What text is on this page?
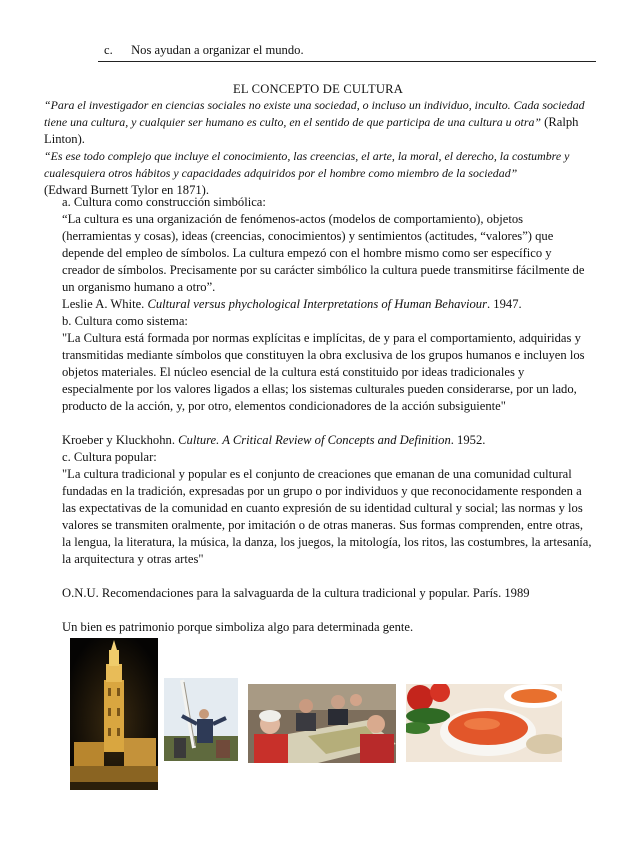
c. Nos ayudan a organizar el mundo.
EL CONCEPTO DE CULTURA

“Para el investigador en ciencias sociales no existe una sociedad, o incluso un individuo, inculto. Cada sociedad tiene una cultura, y cualquier ser humano es culto, en el sentido de que participa de una cultura u otra” (Ralph Linton).

“Es ese todo complejo que incluye el conocimiento, las creencias, el arte, la moral, el derecho, la costumbre y cualesquiera otros hábitos y capacidades adquiridos por el hombre como miembro de la sociedad”

(Edward Burnett Tylor en 1871).

a. Cultura como construcción simbólica:
“La cultura es una organización de fenómenos-actos (modelos de comportamiento), objetos (herramientas y cosas), ideas (creencias, conocimientos) y sentimientos (actitudes, “valores”) que depende del empleo de símbolos. La cultura empezó con el hombre mismo como ser específico y creador de símbolos. Precisamente por su carácter simbólico la cultura puede transmitirse fácilmente de un organismo humano a otro”.
Leslie A. White. Cultural versus phychological Interpretations of Human Behaviour. 1947.
b. Cultura como sistema:
"La Cultura está formada por normas explícitas e implícitas, de y para el comportamiento, adquiridas y transmitidas mediante símbolos que constituyen la obra exclusiva de los grupos humanos e incluyen los objetos materiales. El núcleo esencial de la cultura está constituido por ideas tradicionales y especialmente por los valores ligados a ellas; los sistemas culturales pueden considerarse, por un lado, producto de la acción, y, por otro, elementos condicionadores de la acción subsiguiente"
Kroeber y Kluckhohn. Culture. A Critical Review of Concepts and Definition. 1952.
c. Cultura popular:
"La cultura tradicional y popular es el conjunto de creaciones que emanan de una comunidad cultural fundadas en la tradición, expresadas por un grupo o por individuos y que reconocidamente responden a las expectativas de la comunidad en cuanto expresión de su identidad cultural y social; las normas y los valores se transmiten oralmente, por imitación o de otras maneras. Sus formas comprenden, entre otras, la lengua, la literatura, la música, la danza, los juegos, la mitología, los ritos, las costumbres, la artesanía, la arquitectura y otras artes"
O.N.U. Recomendaciones para la salvaguarda de la cultura tradicional y popular. París. 1989
Un bien es patrimonio porque simboliza algo para determinada gente.
